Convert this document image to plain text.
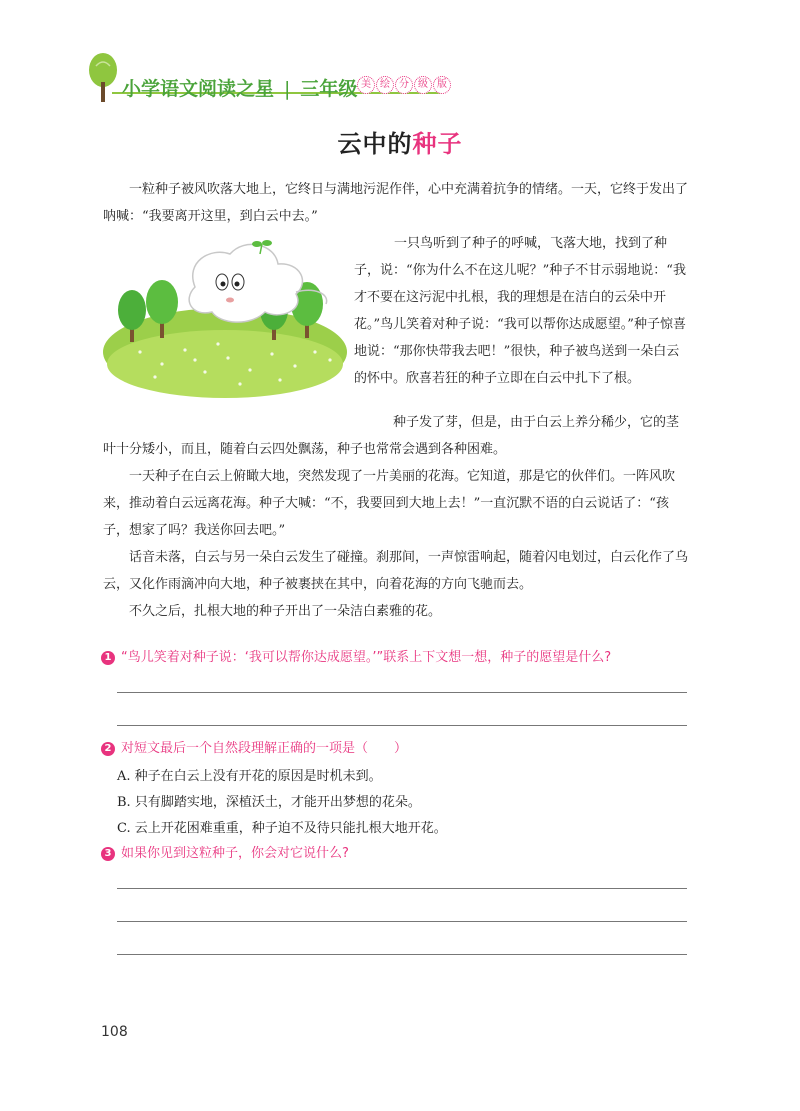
小学语文阅读之星 | 三年级 美 绘 分 级 版
云中的种子

一粒种子被风吹落大地上，它终日与满地污泥作伴，心中充满着抗争的情绪。一天，它终于发出了呐喊：“我要离开这里，到白云中去。”

一只鸟听到了种子的呼喊，飞落大地，找到了种子，说：“你为什么不在这儿呢？”种子不甘示弱地说：“我才不要在这污泥中扎根，我的理想是在洁白的云朵中开花。”鸟儿笑着对种子说：“我可以帮你达成愿望。”种子惊喜地说：“那你快带我去吧！”很快，种子被鸟送到一朵白云的怀中。欣喜若狂的种子立即在白云中扎下了根。

种子发了芽，但是，由于白云上养分稀少，它的茎叶十分矮小，而且，随着白云四处飘荡，种子也常常会遇到各种困难。

一天种子在白云上俯瞰大地，突然发现了一片美丽的花海。它知道，那是它的伙伴们。一阵风吹来，推动着白云远离花海。种子大喊：“不，我要回到大地上去！”一直沉默不语的白云说话了：“孩子，想家了吗？我送你回去吧。”

话音未落，白云与另一朵白云发生了碰撞。刹那间，一声惊雷响起，随着闪电划过，白云化作了乌云，又化作雨滴冲向大地，种子被裹挟在其中，向着花海的方向飞驰而去。

不久之后，扎根大地的种子开出了一朵洁白素雅的花。

1 “鸟儿笑着对种子说：‘我可以帮你达成愿望。’”联系上下文想一想，种子的愿望是什么?
2 对短文最后一个自然段理解正确的一项是（　　）
A. 种子在白云上没有开花的原因是时机未到。
B. 只有脚踏实地，深植沃土，才能开出梦想的花朵。
C. 云上开花困难重重，种子迫不及待只能扎根大地开花。
3 如果你见到这粒种子，你会对它说什么?
108
